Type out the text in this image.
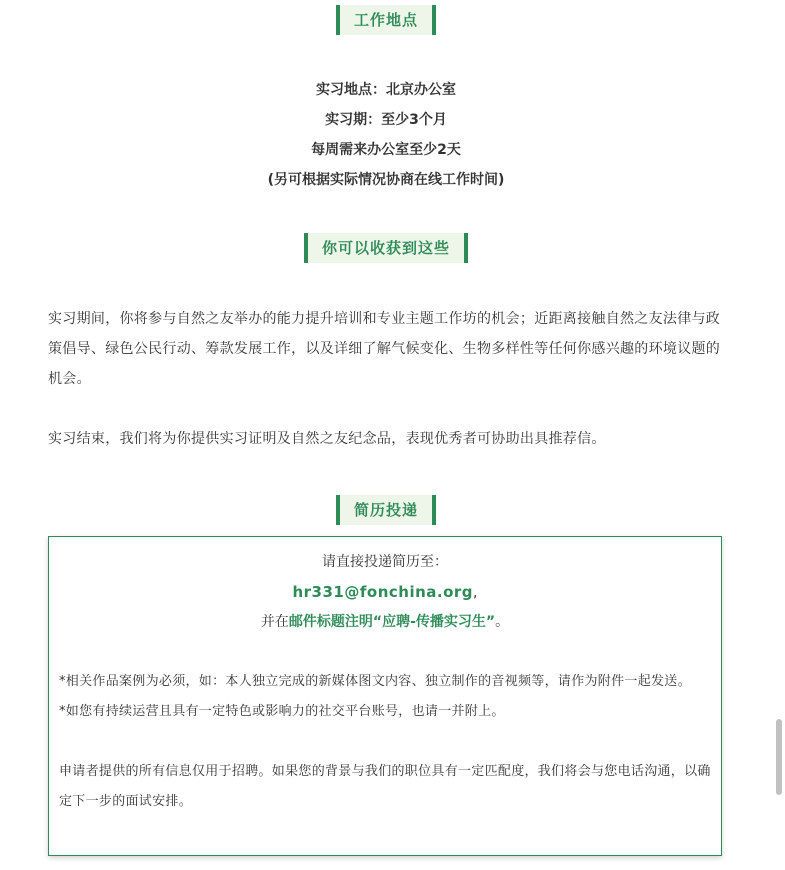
工作地点

实习地点：北京办公室

实习期：至少3个月

每周需来办公室至少2天

(另可根据实际情况协商在线工作时间)

你可以收获到这些

实习期间，你将参与自然之友举办的能力提升培训和专业主题工作坊的机会；近距离接触自然之友法律与政策倡导、绿色公民行动、筹款发展工作，以及详细了解气候变化、生物多样性等任何你感兴趣的环境议题的机会。

实习结束，我们将为你提供实习证明及自然之友纪念品，表现优秀者可协助出具推荐信。

简历投递

请直接投递简历至：

hr331@fonchina.org,

并在邮件标题注明“应聘-传播实习生”。

*相关作品案例为必须，如：本人独立完成的新媒体图文内容、独立制作的音视频等，请作为附件一起发送。

*如您有持续运营且具有一定特色或影响力的社交平台账号，也请一并附上。

申请者提供的所有信息仅用于招聘。如果您的背景与我们的职位具有一定匹配度，我们将会与您电话沟通，以确定下一步的面试安排。
